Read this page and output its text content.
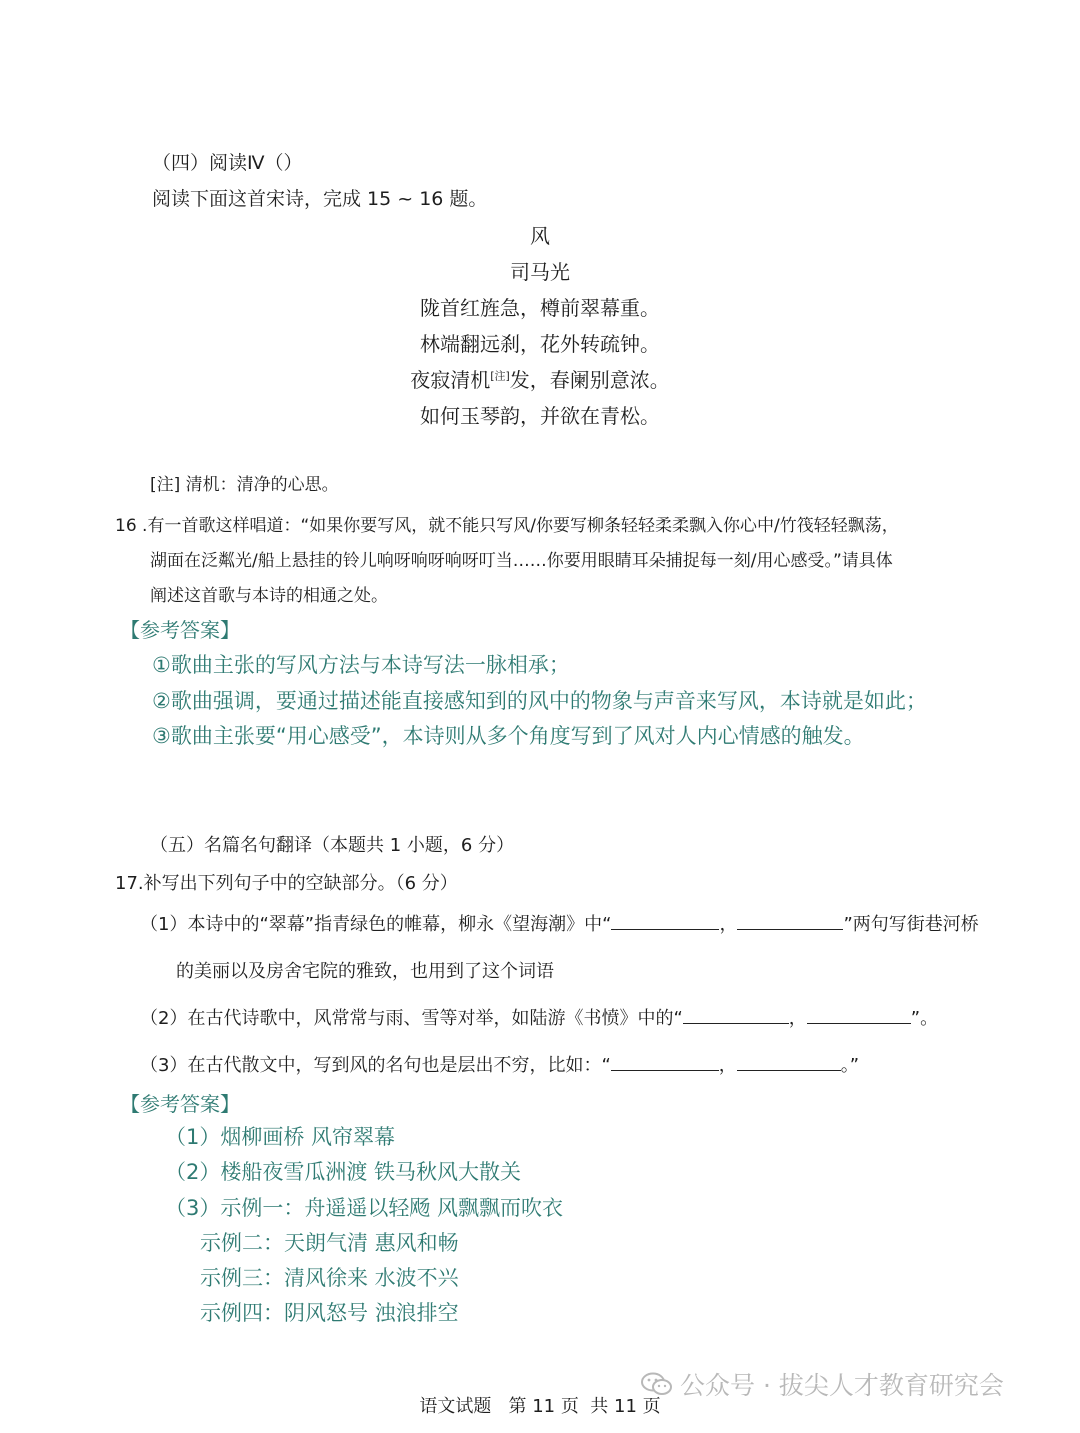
（四）阅读Ⅳ（）
阅读下面这首宋诗，完成 15 ~ 16 题。
风
司马光
陇首红旌急，樽前翠幕重。
林端翻远刹，花外转疏钟。
夜寂清机[注]发，春阑别意浓。
如何玉琴韵，并欲在青松。
[注] 清机：清净的心思。
16 .有一首歌这样唱道：“如果你要写风，就不能只写风/你要写柳条轻轻柔柔飘入你心中/竹筏轻轻飘荡，
湖面在泛粼光/船上悬挂的铃儿响呀响呀响呀叮当……你要用眼睛耳朵捕捉每一刻/用心感受。”请具体
阐述这首歌与本诗的相通之处。
【参考答案】
①歌曲主张的写风方法与本诗写法一脉相承；
②歌曲强调，要通过描述能直接感知到的风中的物象与声音来写风，本诗就是如此；
③歌曲主张要“用心感受”，本诗则从多个角度写到了风对人内心情感的触发。
（五）名篇名句翻译（本题共 1 小题，6 分）
17.补写出下列句子中的空缺部分。（6 分）
（1）本诗中的“翠幕”指青绿色的帷幕，柳永《望海潮》中“	，	”两句写街巷河桥
的美丽以及房舍宅院的雅致，也用到了这个词语
（2）在古代诗歌中，风常常与雨、雪等对举，如陆游《书愤》中的“	，	”。
（3）在古代散文中，写到风的名句也是层出不穷，比如：“	，	。”
【参考答案】
（1）烟柳画桥 风帘翠幕
（2）楼船夜雪瓜洲渡 铁马秋风大散关
（3）示例一：舟遥遥以轻飏 风飘飘而吹衣
示例二：天朗气清 惠风和畅
示例三：清风徐来 水波不兴
示例四：阴风怒号 浊浪排空
公众号 · 拔尖人才教育研究会
语文试题   第 11 页  共 11 页
